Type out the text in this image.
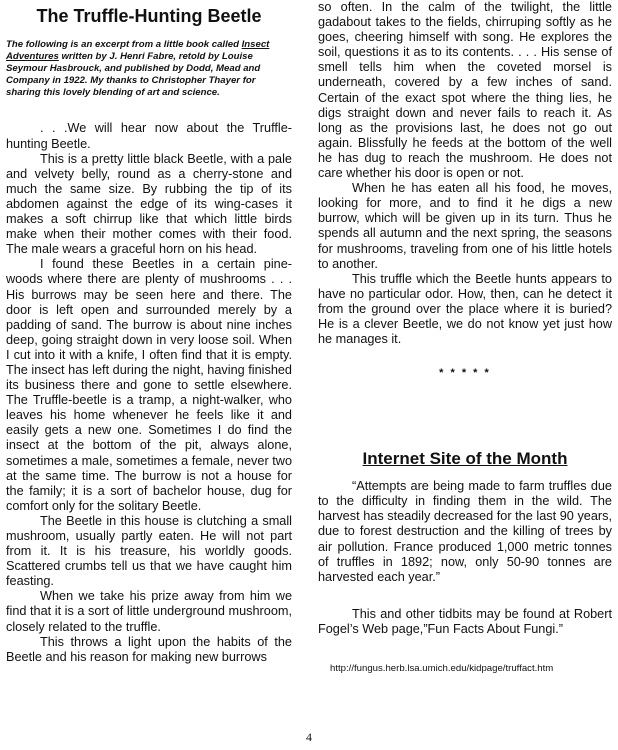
The Truffle-Hunting Beetle

The following is an excerpt from a little book called Insect Adventures written by J. Henri Fabre, retold by Louise Seymour Hasbrouck, and published by Dodd, Mead and Company in 1922. My thanks to Christopher Thayer for sharing this lovely blending of art and science.

. . .We will hear now about the Truffle-hunting Beetle.

This is a pretty little black Beetle, with a pale and velvety belly, round as a cherry-stone and much the same size. By rubbing the tip of its abdomen against the edge of its wing-cases it makes a soft chirrup like that which little birds make when their mother comes with their food. The male wears a graceful horn on his head.

I found these Beetles in a certain pine-woods where there are plenty of mushrooms . . . His burrows may be seen here and there. The door is left open and surrounded merely by a padding of sand. The burrow is about nine inches deep, going straight down in very loose soil. When I cut into it with a knife, I often find that it is empty. The insect has left during the night, having finished its business there and gone to settle elsewhere. The Truffle-beetle is a tramp, a night-walker, who leaves his home whenever he feels like it and easily gets a new one. Sometimes I do find the insect at the bottom of the pit, always alone, sometimes a male, sometimes a female, never two at the same time. The burrow is not a house for the family; it is a sort of bachelor house, dug for comfort only for the solitary Beetle.

The Beetle in this house is clutching a small mushroom, usually partly eaten. He will not part from it. It is his treasure, his worldly goods. Scattered crumbs tell us that we have caught him feasting.

When we take his prize away from him we find that it is a sort of little underground mushroom, closely related to the truffle.

This throws a light upon the habits of the Beetle and his reason for making new burrows

so often. In the calm of the twilight, the little gadabout takes to the fields, chirruping softly as he goes, cheering himself with song. He explores the soil, questions it as to its contents. . . . His sense of smell tells him when the coveted morsel is underneath, covered by a few inches of sand. Certain of the exact spot where the thing lies, he digs straight down and never fails to reach it. As long as the provisions last, he does not go out again. Blissfully he feeds at the bottom of the well he has dug to reach the mushroom. He does not care whether his door is open or not.

When he has eaten all his food, he moves, looking for more, and to find it he digs a new burrow, which will be given up in its turn. Thus he spends all autumn and the next spring, the seasons for mushrooms, traveling from one of his little hotels to another.

This truffle which the Beetle hunts appears to have no particular odor. How, then, can he detect it from the ground over the place where it is buried? He is a clever Beetle, we do not know yet just how he manages it.

* * * * *
Internet Site of the Month

“Attempts are being made to farm truffles due to the difficulty in finding them in the wild. The harvest has steadily decreased for the last 90 years, due to forest destruction and the killing of trees by air pollution. France produced 1,000 metric tonnes of truffles in 1892; now, only 50-90 tonnes are harvested each year.”

This and other tidbits may be found at Robert Fogel’s Web page,”Fun Facts About Fungi.”

http://fungus.herb.lsa.umich.edu/kidpage/truffact.htm
4
